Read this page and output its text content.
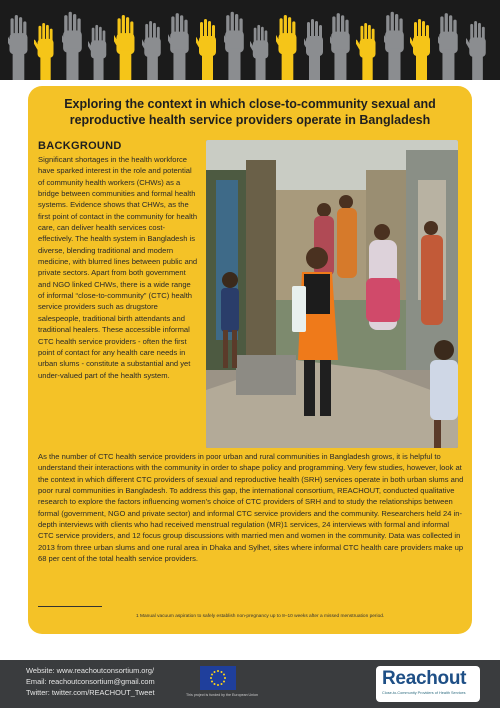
Exploring the context in which close-to-community sexual and reproductive health service providers operate in Bangladesh
BACKGROUND
Significant shortages in the health workforce have sparked interest in the role and potential of community health workers (CHWs) as a bridge between communities and formal health systems. Evidence shows that CHWs, as the first point of contact in the community for health care, can deliver health services cost-effectively. The health system in Bangladesh is diverse, blending traditional and modern medicine, with blurred lines between public and private sectors. Apart from both government and NGO linked CHWs, there is a wide range of informal “close-to-community” (CTC) health service providers such as drugstore salespeople, traditional birth attendants and traditional healers. These accessible informal CTC health service providers - often the first point of contact for any health care needs in urban slums - constitute a substantial and yet under-valued part of the health system.
As the number of CTC health service providers in poor urban and rural communities in Bangladesh grows, it is helpful to understand their interactions with the community in order to shape policy and programming. Very few studies, however, look at the context in which different CTC providers of sexual and reproductive health (SRH) services operate in both urban slums and poor rural communities in Bangladesh. To address this gap, the international consortium, REACHOUT, conducted qualitative research to explore the factors influencing women’s choice of CTC providers of SRH and to study the relationships between formal (government, NGO and private sector) and informal CTC service providers and the community. Researchers held 24 in-depth interviews with clients who had received menstrual regulation (MR)1 services, 24 interviews with formal and informal CTC service providers, and 12 focus group discussions with married men and women in the community. Data was collected in 2013 from three urban slums and one rural area in Dhaka and Sylhet, sites where informal CTC health care providers make up 68 per cent of the total health service providers.
1 Manual vacuum aspiration to safely establish non-pregnancy up to 8–10 weeks after a missed menstruation period.
Website: www.reachoutconsortium.org/
Email: reachoutconsortium@gmail.com
Twitter: twitter.com/REACHOUT_Tweet	This project is funded by the European Union
Reachout
Close-to-Community Providers of Health Services
